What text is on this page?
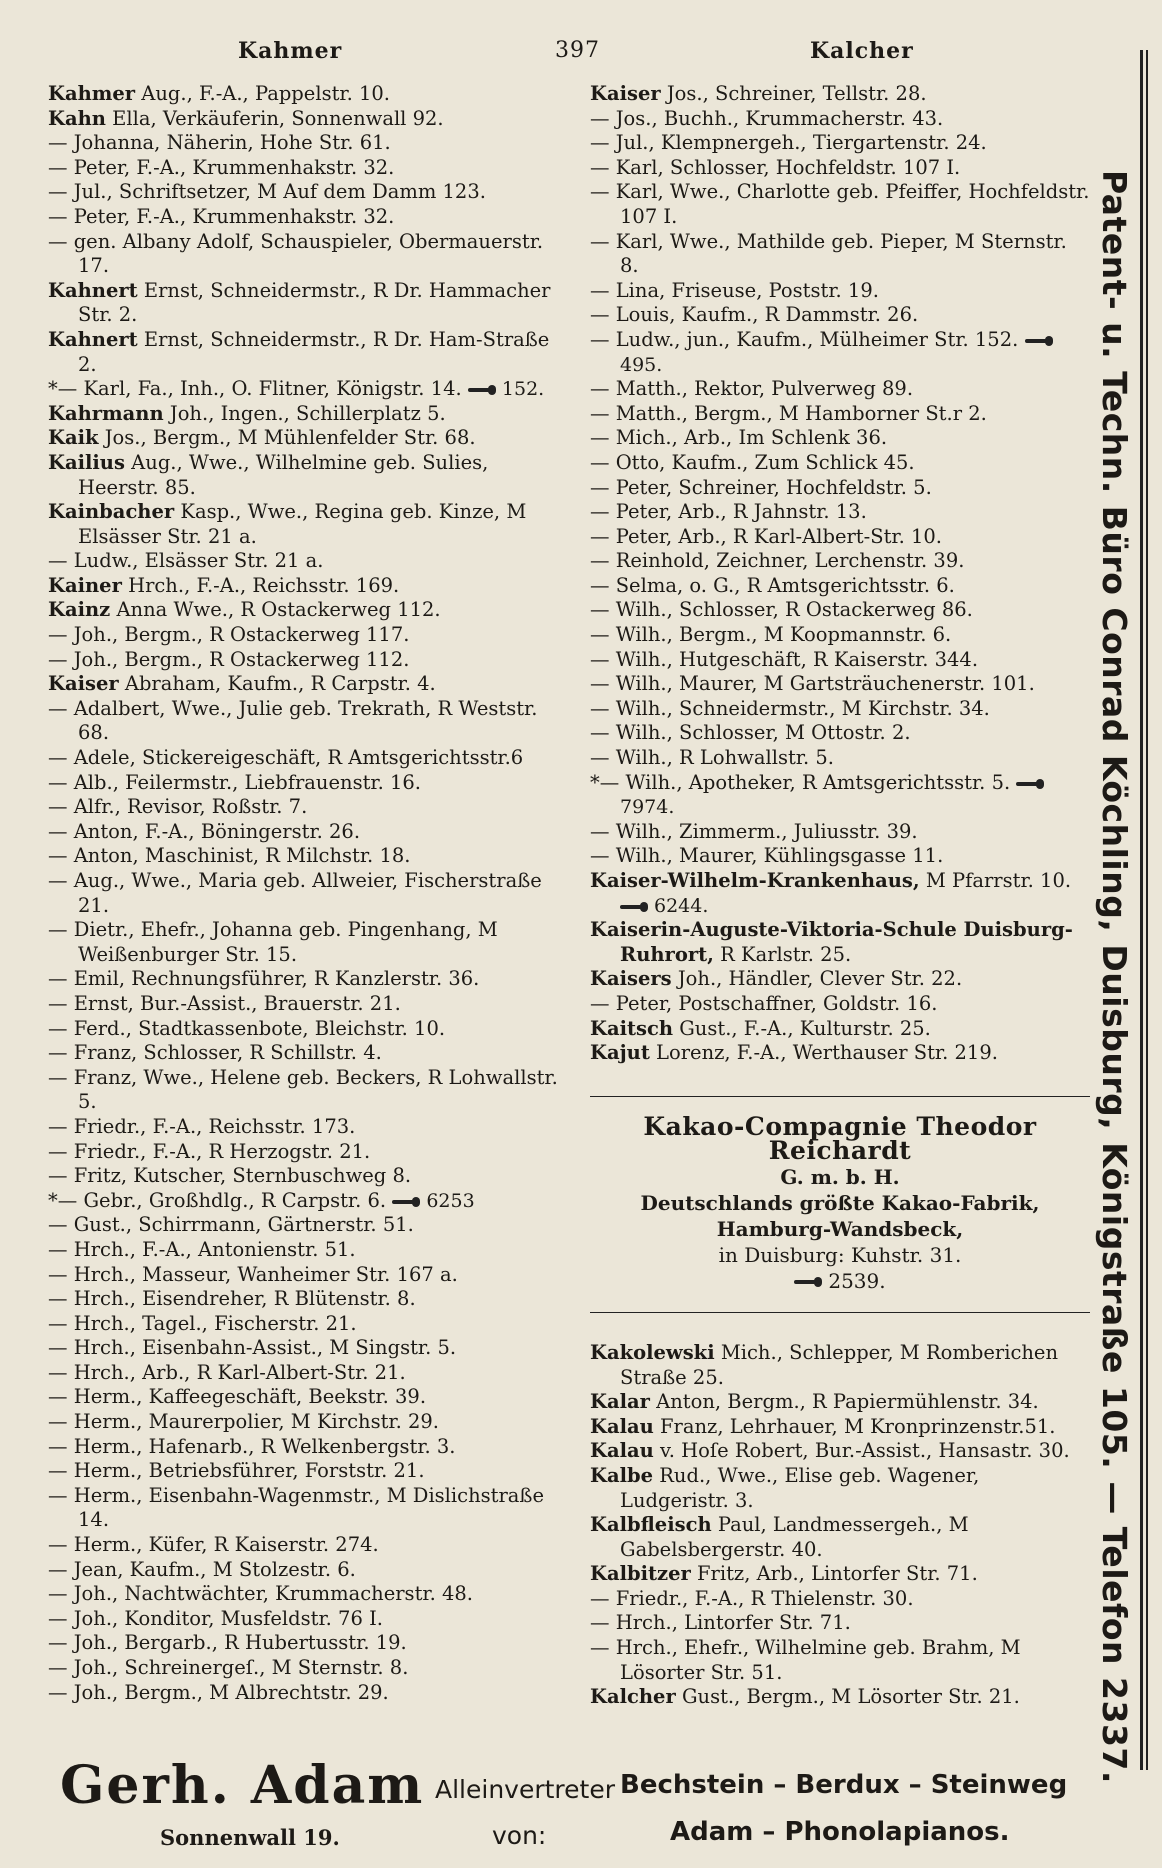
Kahmer	397	Kalcher

Kahmer Aug., F.-A., Pappelstr. 10.

Kahn Ella, Verkäuferin, Sonnenwall 92.

— Johanna, Näherin, Hohe Str. 61.

— Peter, F.-A., Krummenhakstr. 32.

— Jul., Schriftsetzer, M Auf dem Damm 123.

— Peter, F.-A., Krummenhakstr. 32.

— gen. Albany Adolf, Schauspieler, Obermauerstr. 17.

Kahnert Ernst, Schneidermstr., R Dr. Hammacher Str. 2.

Kahnert Ernst, Schneidermstr., R Dr. Ham-Straße 2.

*— Karl, Fa., Inh., O. Flitner, Königstr. 14. 152.

Kahrmann Joh., Ingen., Schillerplatz 5.

Kaik Jos., Bergm., M Mühlenfelder Str. 68.

Kailius Aug., Wwe., Wilhelmine geb. Sulies, Heerstr. 85.

Kainbacher Kasp., Wwe., Regina geb. Kinze, M Elsässer Str. 21 a.

— Ludw., Elsässer Str. 21 a.

Kainer Hrch., F.-A., Reichsstr. 169.

Kainz Anna Wwe., R Ostackerweg 112.

— Joh., Bergm., R Ostackerweg 117.

— Joh., Bergm., R Ostackerweg 112.

Kaiser Abraham, Kaufm., R Carpstr. 4.

— Adalbert, Wwe., Julie geb. Trekrath, R Weststr. 68.

— Adele, Stickereigeschäft, R Amtsgerichtsstr.6

— Alb., Feilermstr., Liebfrauenstr. 16.

— Alfr., Revisor, Roßstr. 7.

— Anton, F.-A., Böningerstr. 26.

— Anton, Maschinist, R Milchstr. 18.

— Aug., Wwe., Maria geb. Allweier, Fischerstraße 21.

— Dietr., Ehefr., Johanna geb. Pingenhang, M Weißenburger Str. 15.

— Emil, Rechnungsführer, R Kanzlerstr. 36.

— Ernst, Bur.-Assist., Brauerstr. 21.

— Ferd., Stadtkassenbote, Bleichstr. 10.

— Franz, Schlosser, R Schillstr. 4.

— Franz, Wwe., Helene geb. Beckers, R Lohwallstr. 5.

— Friedr., F.-A., Reichsstr. 173.

— Friedr., F.-A., R Herzogstr. 21.

— Fritz, Kutscher, Sternbuschweg 8.

*— Gebr., Großhdlg., R Carpstr. 6. 6253

— Gust., Schirrmann, Gärtnerstr. 51.

— Hrch., F.-A., Antonienstr. 51.

— Hrch., Masseur, Wanheimer Str. 167 a.

— Hrch., Eisendreher, R Blütenstr. 8.

— Hrch., Tagel., Fischerstr. 21.

— Hrch., Eisenbahn-Assist., M Singstr. 5.

— Hrch., Arb., R Karl-Albert-Str. 21.

— Herm., Kaffeegeschäft, Beekstr. 39.

— Herm., Maurerpolier, M Kirchstr. 29.

— Herm., Hafenarb., R Welkenbergstr. 3.

— Herm., Betriebsführer, Forststr. 21.

— Herm., Eisenbahn-Wagenmstr., M Dislichstraße 14.

— Herm., Küfer, R Kaiserstr. 274.

— Jean, Kaufm., M Stolzestr. 6.

— Joh., Nachtwächter, Krummacherstr. 48.

— Joh., Konditor, Musfeldstr. 76 I.

— Joh., Bergarb., R Hubertusstr. 19.

— Joh., Schreinergeſ., M Sternstr. 8.

— Joh., Bergm., M Albrechtstr. 29.

Kaiser Jos., Schreiner, Tellstr. 28.

— Jos., Buchh., Krummacherstr. 43.

— Jul., Klempnergeh., Tiergartenstr. 24.

— Karl, Schlosser, Hochfeldstr. 107 I.

— Karl, Wwe., Charlotte geb. Pfeiffer, Hochfeldstr. 107 I.

— Karl, Wwe., Mathilde geb. Pieper, M Sternstr. 8.

— Lina, Friseuse, Poststr. 19.

— Louis, Kaufm., R Dammstr. 26.

— Ludw., jun., Kaufm., Mülheimer Str. 152. 495.

— Matth., Rektor, Pulverweg 89.

— Matth., Bergm., M Hamborner St.r 2.

— Mich., Arb., Im Schlenk 36.

— Otto, Kaufm., Zum Schlick 45.

— Peter, Schreiner, Hochfeldstr. 5.

— Peter, Arb., R Jahnstr. 13.

— Peter, Arb., R Karl-Albert-Str. 10.

— Reinhold, Zeichner, Lerchenstr. 39.

— Selma, o. G., R Amtsgerichtsstr. 6.

— Wilh., Schlosser, R Ostackerweg 86.

— Wilh., Bergm., M Koopmannstr. 6.

— Wilh., Hutgeschäft, R Kaiserstr. 344.

— Wilh., Maurer, M Gartsträuchenerstr. 101.

— Wilh., Schneidermstr., M Kirchstr. 34.

— Wilh., Schlosser, M Ottostr. 2.

— Wilh., R Lohwallstr. 5.

*— Wilh., Apotheker, R Amtsgerichtsstr. 5. 7974.

— Wilh., Zimmerm., Juliusstr. 39.

— Wilh., Maurer, Kühlingsgasse 11.

Kaiser-Wilhelm-Krankenhaus, M Pfarrstr. 10. 6244.

Kaiserin-Auguste-Viktoria-Schule Duisburg-Ruhrort, R Karlstr. 25.

Kaisers Joh., Händler, Clever Str. 22.

— Peter, Postschaffner, Goldstr. 16.

Kaitsch Gust., F.-A., Kulturstr. 25.

Kajut Lorenz, F.-A., Werthauser Str. 219.

Kakao-Compagnie Theodor Reichardt
G. m. b. H.
Deutschlands größte Kakao-Fabrik,
Hamburg-Wandsbeck,
in Duisburg: Kuhstr. 31.
2539.

Kakolewski Mich., Schlepper, M Romberichen Straße 25.

Kalar Anton, Bergm., R Papiermühlenstr. 34.

Kalau Franz, Lehrhauer, M Kronprinzenstr.51.

Kalau v. Hoſe Robert, Bur.-Assist., Hansastr. 30.

Kalbe Rud., Wwe., Elise geb. Wagener, Ludgeristr. 3.

Kalbfleisch Paul, Landmessergeh., M Gabelsbergerstr. 40.

Kalbitzer Fritz, Arb., Lintorfer Str. 71.

— Friedr., F.-A., R Thielenstr. 30.

— Hrch., Lintorfer Str. 71.

— Hrch., Ehefr., Wilhelmine geb. Brahm, M Lösorter Str. 51.

Kalcher Gust., Bergm., M Lösorter Str. 21.	Patent- u. Techn. Büro Conrad Köchling, Duisburg, Königstraße 105. — Telefon 2337.
Gerh. Adam
Sonnenwall 19.
Alleinvertreter
von:
Bechstein – Berdux – Steinweg
Adam – Phonolapianos.
